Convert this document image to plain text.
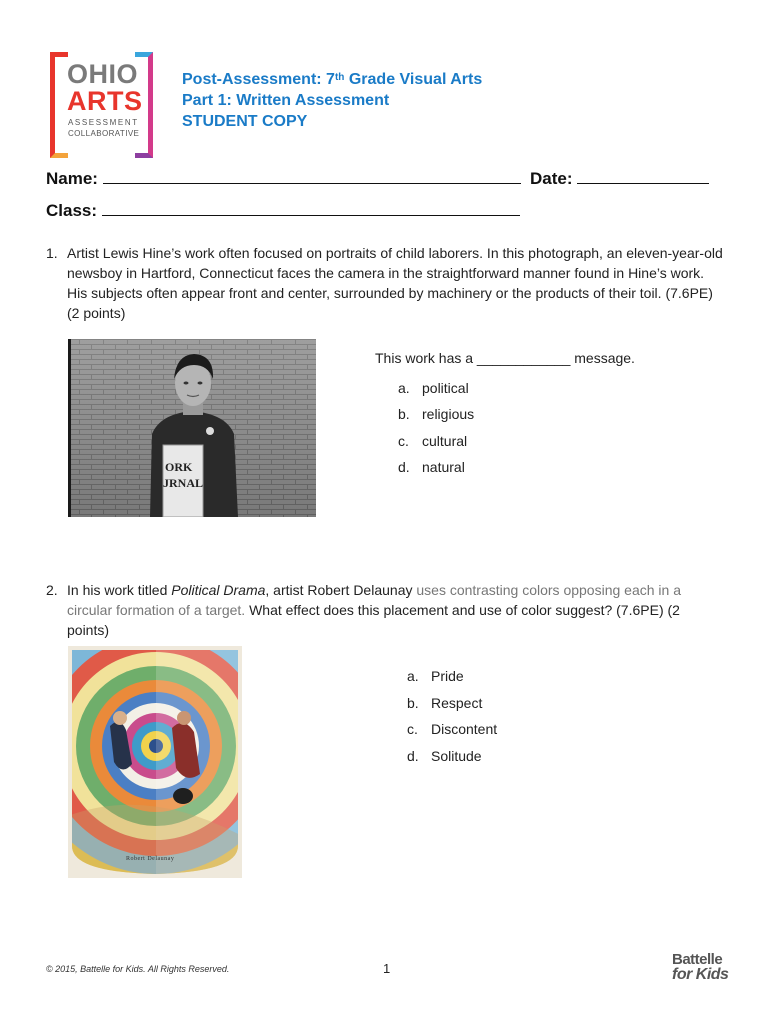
OHIO
ARTS
ASSESSMENT
COLLABORATIVE
Post-Assessment: 7th Grade Visual Arts
Part 1: Written Assessment
STUDENT COPY
Name:	Date:
Class:
1. Artist Lewis Hine’s work often focused on portraits of child laborers. In this photograph, an eleven-year-old newsboy in Hartford, Connecticut faces the camera in the straightforward manner found in Hine’s work. His subjects often appear front and center, surrounded by machinery or the products of their toil. (7.6PE) (2 points)
ORK
JRNAL
This work has a ____________ message.
a. political
b. religious
c. cultural
d. natural
2. In his work titled Political Drama, artist Robert Delaunay uses contrasting colors opposing each in a circular formation of a target. What effect does this placement and use of color suggest? (7.6PE) (2 points)
Robert Delaunay
a. Pride
b. Respect
c. Discontent
d. Solitude
© 2015, Battelle for Kids. All Rights Reserved.	1
Battelle
for Kids
